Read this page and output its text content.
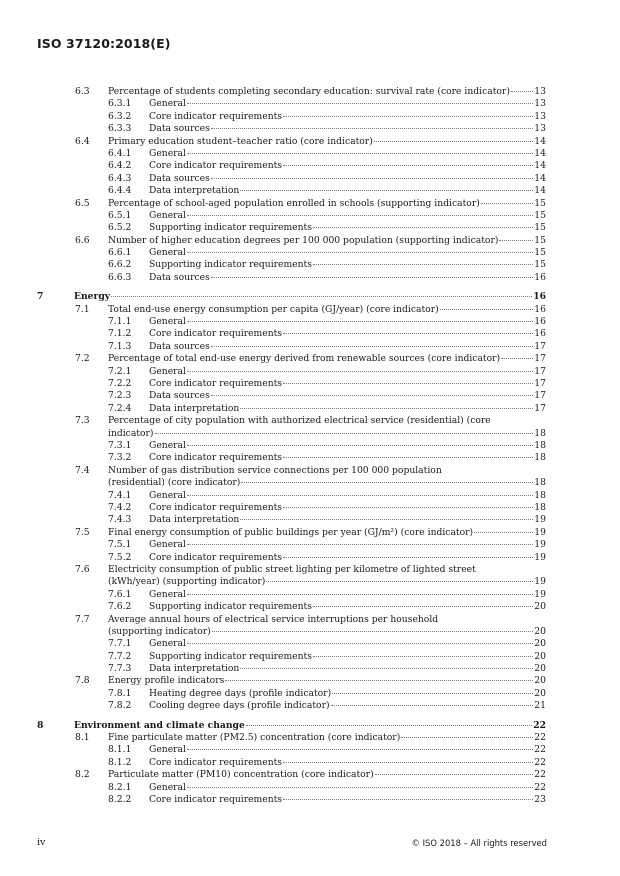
ISO 37120:2018(E)
6.3 Percentage of students completing secondary education: survival rate (core indicator)	13
6.3.1 General	13
6.3.2 Core indicator requirements	13
6.3.3 Data sources	13
6.4 Primary education student–teacher ratio (core indicator)	14
6.4.1 General	14
6.4.2 Core indicator requirements	14
6.4.3 Data sources	14
6.4.4 Data interpretation	14
6.5 Percentage of school-aged population enrolled in schools (supporting indicator)	15
6.5.1 General	15
6.5.2 Supporting indicator requirements	15
6.6 Number of higher education degrees per 100 000 population (supporting indicator)	15
6.6.1 General	15
6.6.2 Supporting indicator requirements	15
6.6.3 Data sources	16
7	Energy	16
7.1 Total end-use energy consumption per capita (GJ/year) (core indicator)	16
7.1.1 General	16
7.1.2 Core indicator requirements	16
7.1.3 Data sources	17
7.2 Percentage of total end-use energy derived from renewable sources (core indicator)	17
7.2.1 General	17
7.2.2 Core indicator requirements	17
7.2.3 Data sources	17
7.2.4 Data interpretation	17
7.3 Percentage of city population with authorized electrical service (residential) (core
indicator)	18
7.3.1 General	18
7.3.2 Core indicator requirements	18
7.4 Number of gas distribution service connections per 100 000 population
(residential) (core indicator)	18
7.4.1 General	18
7.4.2 Core indicator requirements	18
7.4.3 Data interpretation	19
7.5 Final energy consumption of public buildings per year (GJ/m²) (core indicator)	19
7.5.1 General	19
7.5.2 Core indicator requirements	19
7.6 Electricity consumption of public street lighting per kilometre of lighted street
(kWh/year) (supporting indicator)	19
7.6.1 General	19
7.6.2 Supporting indicator requirements	20
7.7 Average annual hours of electrical service interruptions per household
(supporting indicator)	20
7.7.1 General	20
7.7.2 Supporting indicator requirements	20
7.7.3 Data interpretation	20
7.8 Energy profile indicators	20
7.8.1 Heating degree days (profile indicator)	20
7.8.2 Cooling degree days (profile indicator)	21
8	Environment and climate change	22
8.1 Fine particulate matter (PM2.5) concentration (core indicator)	22
8.1.1 General	22
8.1.2 Core indicator requirements	22
8.2 Particulate matter (PM10) concentration (core indicator)	22
8.2.1 General	22
8.2.2 Core indicator requirements	23
iv	© ISO 2018 – All rights reserved
